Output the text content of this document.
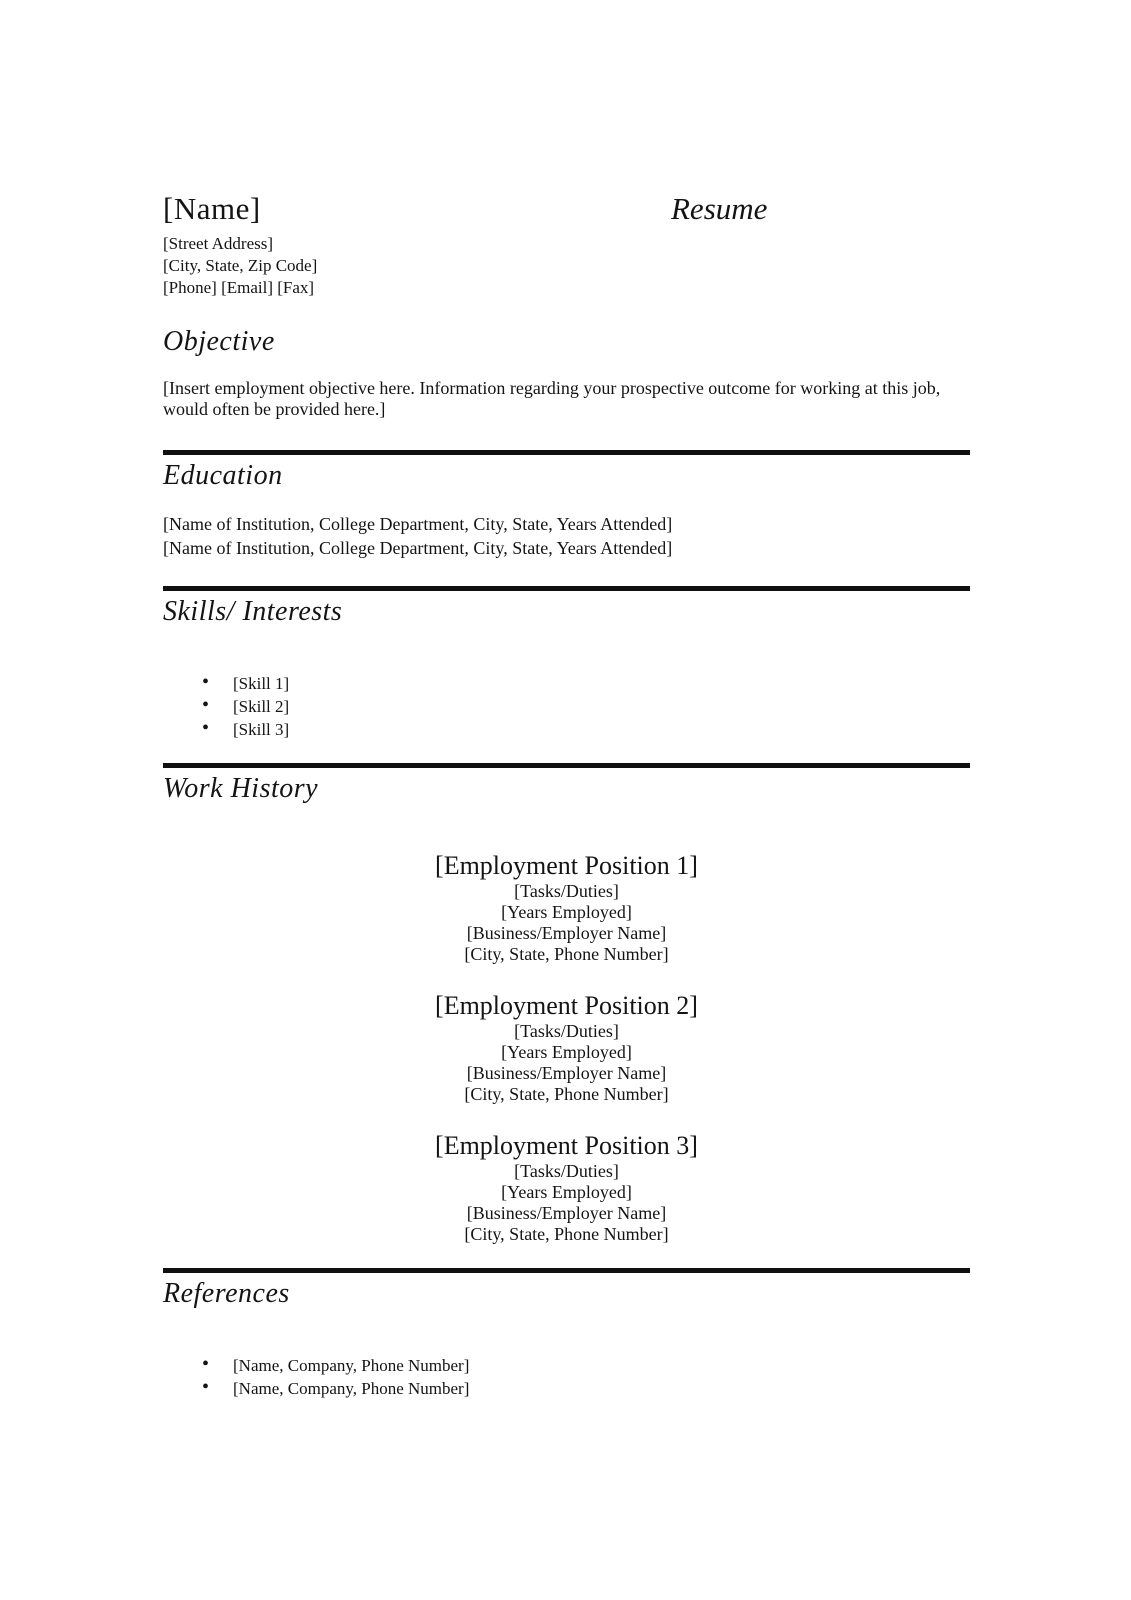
[Name]	Resume
[Street Address]
[City, State, Zip Code]
[Phone] [Email] [Fax]
Objective
[Insert employment objective here. Information regarding your prospective outcome for working at this job, would often be provided here.]
Education
[Name of Institution, College Department, City, State, Years Attended]
[Name of Institution, College Department, City, State, Years Attended]
Skills/ Interests
• [Skill 1]
• [Skill 2]
• [Skill 3]
Work History
[Employment Position 1]
[Tasks/Duties]
[Years Employed]
[Business/Employer Name]
[City, State, Phone Number]
[Employment Position 2]
[Tasks/Duties]
[Years Employed]
[Business/Employer Name]
[City, State, Phone Number]
[Employment Position 3]
[Tasks/Duties]
[Years Employed]
[Business/Employer Name]
[City, State, Phone Number]
References
• [Name, Company, Phone Number]
• [Name, Company, Phone Number]
